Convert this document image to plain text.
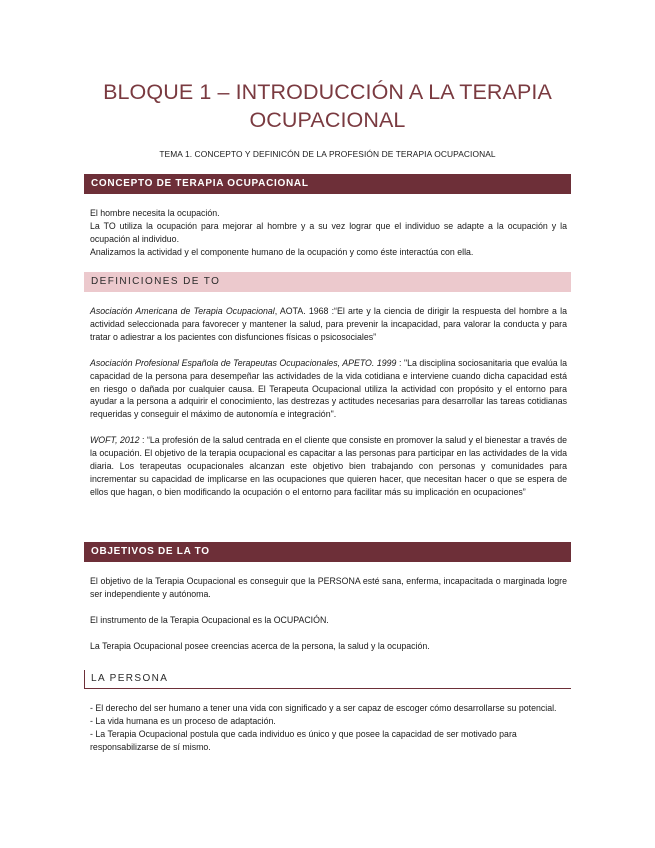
BLOQUE 1 – INTRODUCCIÓN A LA TERAPIA OCUPACIONAL
TEMA 1. CONCEPTO Y DEFINICÓN DE LA PROFESIÓN DE TERAPIA OCUPACIONAL
CONCEPTO DE TERAPIA OCUPACIONAL

El hombre necesita la ocupación.

La TO utiliza la ocupación para mejorar al hombre y a su vez lograr que el individuo se adapte a la ocupación y la ocupación al individuo.

Analizamos la actividad y el componente humano de la ocupación y como éste interactúa con ella.

DEFINICIONES DE TO

Asociación Americana de Terapia Ocupacional, AOTA. 1968 :“El arte y la ciencia de dirigir la respuesta del hombre a la actividad seleccionada para favorecer y mantener la salud, para prevenir la incapacidad, para valorar la conducta y para tratar o adiestrar a los pacientes con disfunciones físicas o psicosociales”

Asociación Profesional Española de Terapeutas Ocupacionales, APETO. 1999 : "La disciplina sociosanitaria que evalúa la capacidad de la persona para desempeñar las actividades de la vida cotidiana e interviene cuando dicha capacidad está en riesgo o dañada por cualquier causa. El Terapeuta Ocupacional utiliza la actividad con propósito y el entorno para ayudar a la persona a adquirir el conocimiento, las destrezas y actitudes necesarias para desarrollar las tareas cotidianas requeridas y conseguir el máximo de autonomía e integración".

WOFT, 2012 : “La profesión de la salud centrada en el cliente que consiste en promover la salud y el bienestar a través de la ocupación. El objetivo de la terapia ocupacional es capacitar a las personas para participar en las actividades de la vida diaria. Los terapeutas ocupacionales alcanzan este objetivo bien trabajando con personas y comunidades para incrementar su capacidad de implicarse en las ocupaciones que quieren hacer, que necesitan hacer o que se espera de ellos que hagan, o bien modificando la ocupación o el entorno para facilitar más su implicación en ocupaciones”

OBJETIVOS DE LA TO

El objetivo de la Terapia Ocupacional es conseguir que la PERSONA esté sana, enferma, incapacitada o marginada logre ser independiente y autónoma.

El instrumento de la Terapia Ocupacional es la OCUPACIÓN.

La Terapia Ocupacional posee creencias acerca de la persona, la salud y la ocupación.

LA PERSONA

- El derecho del ser humano a tener una vida con significado y a ser capaz de escoger cómo desarrollarse su potencial.

- La vida humana es un proceso de adaptación.

- La Terapia Ocupacional postula que cada individuo es único y que posee la capacidad de ser motivado para responsabilizarse de sí mismo.
